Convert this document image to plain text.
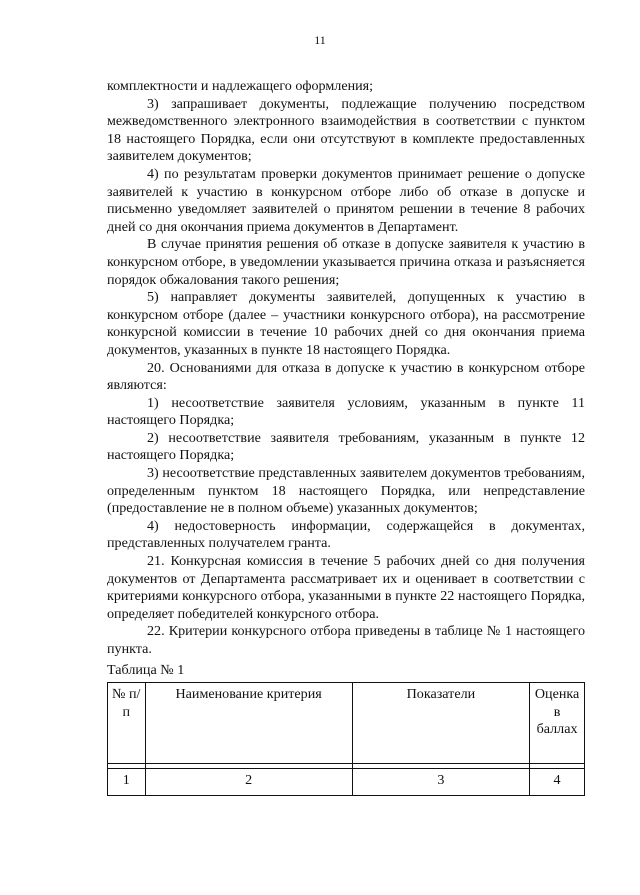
11

комплектности и надлежащего оформления;

3) запрашивает документы, подлежащие получению посредством межведомственного электронного взаимодействия в соответствии с пунктом 18 настоящего Порядка, если они отсутствуют в комплекте предоставленных заявителем документов;

4) по результатам проверки документов принимает решение о допуске заявителей к участию в конкурсном отборе либо об отказе в допуске и письменно уведомляет заявителей о принятом решении в течение 8 рабочих дней со дня окончания приема документов в Департамент.

В случае принятия решения об отказе в допуске заявителя к участию в конкурсном отборе, в уведомлении указывается причина отказа и разъясняется порядок обжалования такого решения;

5) направляет документы заявителей, допущенных к участию в конкурсном отборе (далее – участники конкурсного отбора), на рассмотрение конкурсной комиссии в течение 10 рабочих дней со дня окончания приема документов, указанных в пункте 18 настоящего Порядка.

20. Основаниями для отказа в допуске к участию в конкурсном отборе являются:

1) несоответствие заявителя условиям, указанным в пункте 11 настоящего Порядка;

2) несоответствие заявителя требованиям, указанным в пункте 12 настоящего Порядка;

3) несоответствие представленных заявителем документов требованиям, определенным пунктом 18 настоящего Порядка, или непредставление (предоставление не в полном объеме) указанных документов;

4) недостоверность информации, содержащейся в документах, представленных получателем гранта.

21. Конкурсная комиссия в течение 5 рабочих дней со дня получения документов от Департамента рассматривает их и оценивает в соответствии с критериями конкурсного отбора, указанными в пункте 22 настоящего Порядка, определяет победителей конкурсного отбора.

22. Критерии конкурсного отбора приведены в таблице № 1 настоящего пункта.

Таблица № 1

№ п/п	Наименование критерия	Показатели	Оценка в баллах

1	2	3	4
